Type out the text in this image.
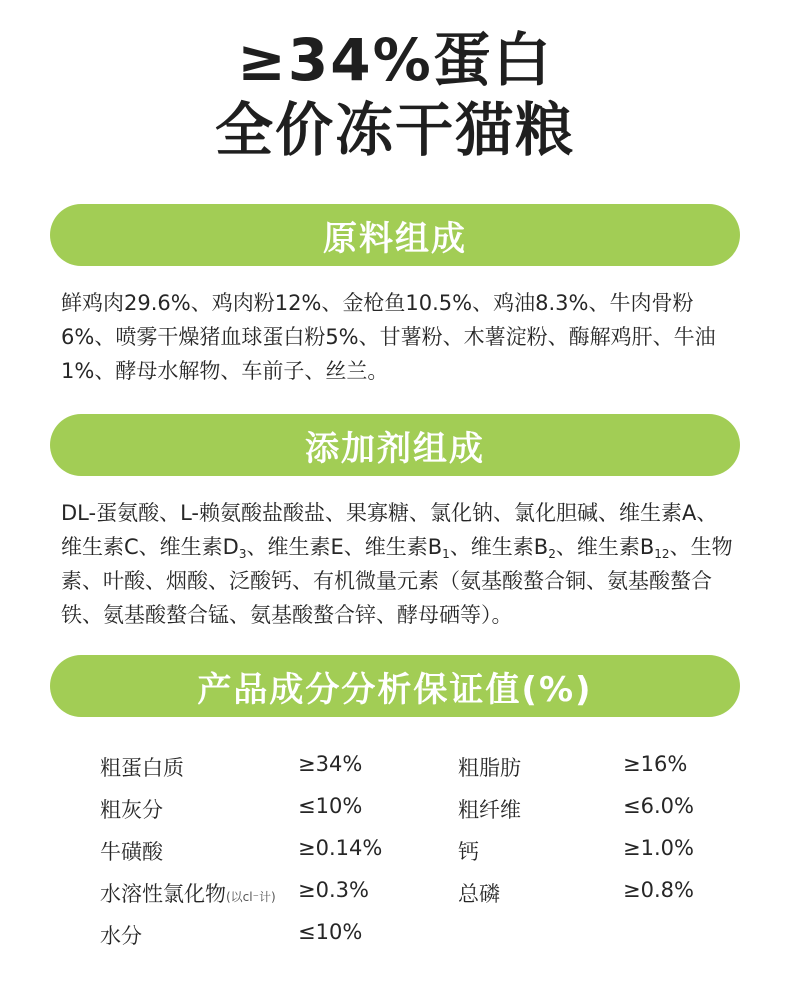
≥34%蛋白
全价冻干猫粮
原料组成
鲜鸡肉29.6%、鸡肉粉12%、金枪鱼10.5%、鸡油8.3%、牛肉骨粉6%、喷雾干燥猪血球蛋白粉5%、甘薯粉、木薯淀粉、酶解鸡肝、牛油1%、酵母水解物、车前子、丝兰。
添加剂组成
DL-蛋氨酸、L-赖氨酸盐酸盐、果寡糖、氯化钠、氯化胆碱、维生素A、维生素C、维生素$D_3$、维生素E、维生素$B_1$、维生素$B_2$、维生素$B_{12}$、生物素、叶酸、烟酸、泛酸钙、有机微量元素（氨基酸螯合铜、氨基酸螯合铁、氨基酸螯合锰、氨基酸螯合锌、酵母硒等）。
产品成分分析保证值(%)
粗蛋白质	≥34%	粗脂肪	≥16%
粗灰分	≤10%	粗纤维	≤6.0%
牛磺酸	≥0.14%	钙	≥1.0%
水溶性氯化物(以cl⁻计) ≥0.3%	总磷	≥0.8%
水分	≤10%
